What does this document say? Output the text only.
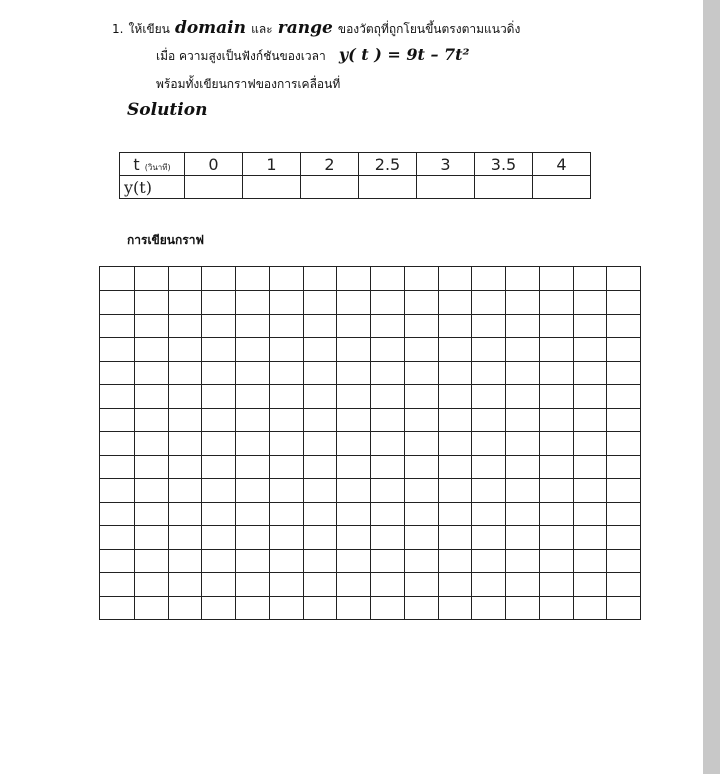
1. ให้เขียน domain และ range ของวัตถุที่ถูกโยนขึ้นตรงตามแนวดิ่ง
เมื่อ ความสูงเป็นฟังก์ชันของเวลา y( t ) = 9t – 7t²
พร้อมทั้งเขียนกราฟของการเคลื่อนที่
Solution
t (วินาที)	0	1	2	2.5	3	3.5	4
y(t)							
การเขียนกราฟ
